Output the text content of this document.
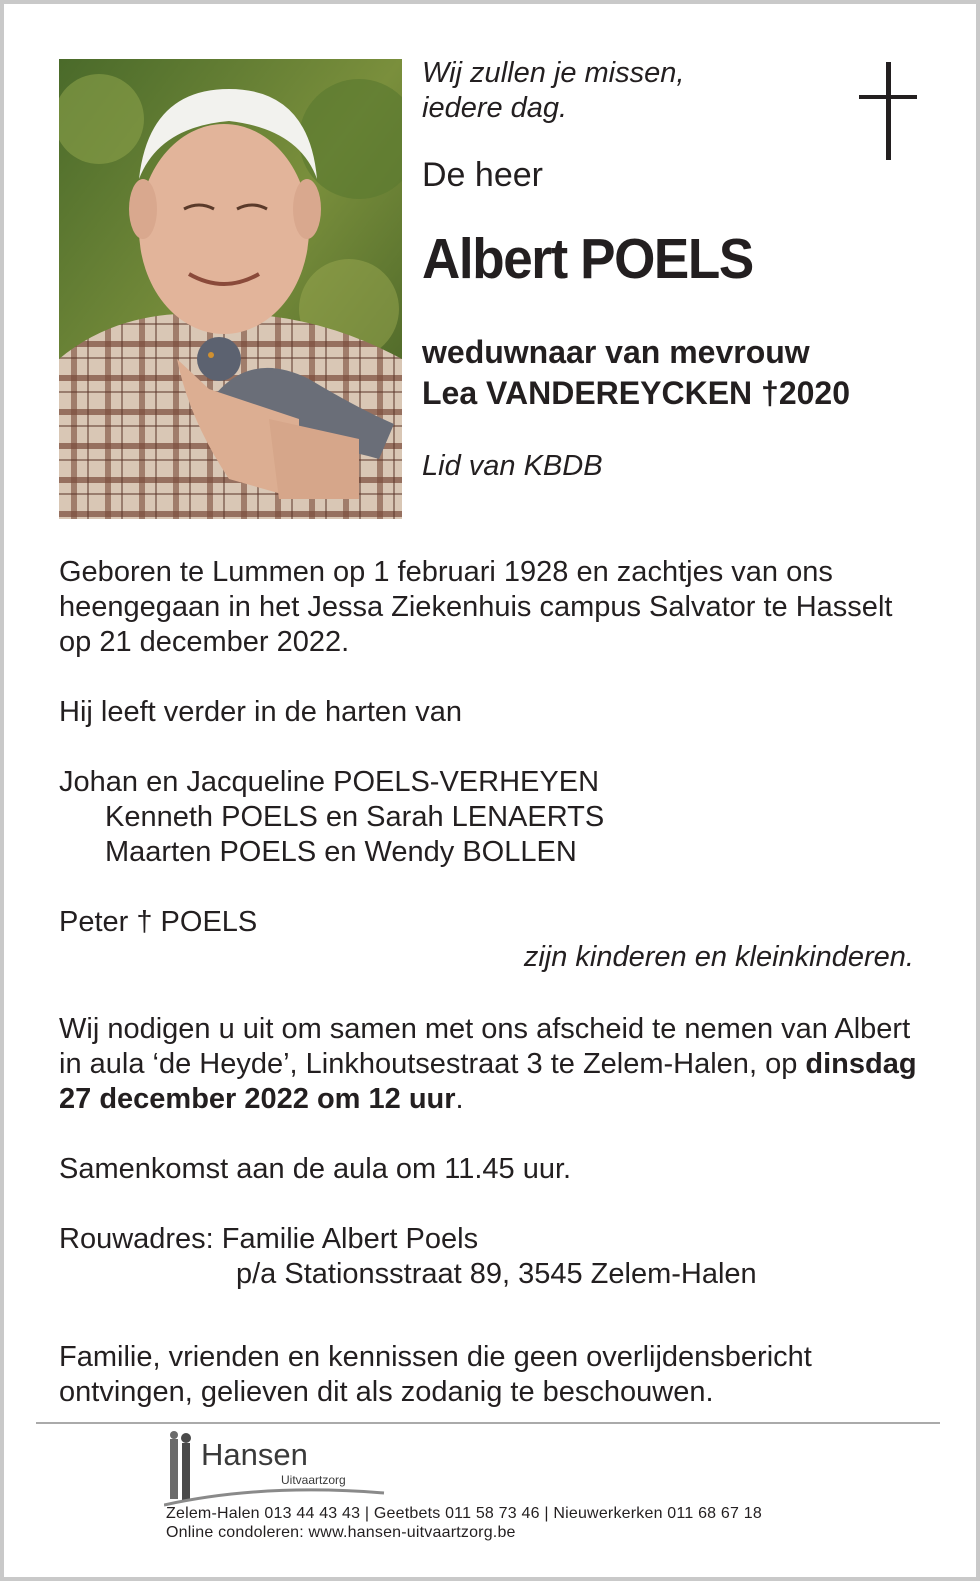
Wij zullen je missen,
iedere dag.
De heer
Albert POELS
weduwnaar van mevrouw
Lea VANDEREYCKEN †2020
Lid van KBDB
Geboren te Lummen op 1 februari 1928 en zachtjes van ons heengegaan in het Jessa Ziekenhuis campus Salvator te Hasselt op 21 december 2022.
Hij leeft verder in de harten van
Johan en Jacqueline POELS-VERHEYEN
Kenneth POELS en Sarah LENAERTS
Maarten POELS en Wendy BOLLEN
Peter † POELS
zijn kinderen en kleinkinderen.
Wij nodigen u uit om samen met ons afscheid te nemen van Albert in aula ‘de Heyde’, Linkhoutsestraat 3 te Zelem-Halen, op dinsdag 27 december 2022 om 12 uur.
Samenkomst aan de aula om 11.45 uur.
Rouwadres: Familie Albert Poels
p/a Stationsstraat 89, 3545 Zelem-Halen
Familie, vrienden en kennissen die geen overlijdensbericht ontvingen, gelieven dit als zodanig te beschouwen.
Hansen
Uitvaartzorg
Zelem-Halen 013 44 43 43 | Geetbets 011 58 73 46 | Nieuwerkerken 011 68 67 18
Online condoleren: www.hansen-uitvaartzorg.be
